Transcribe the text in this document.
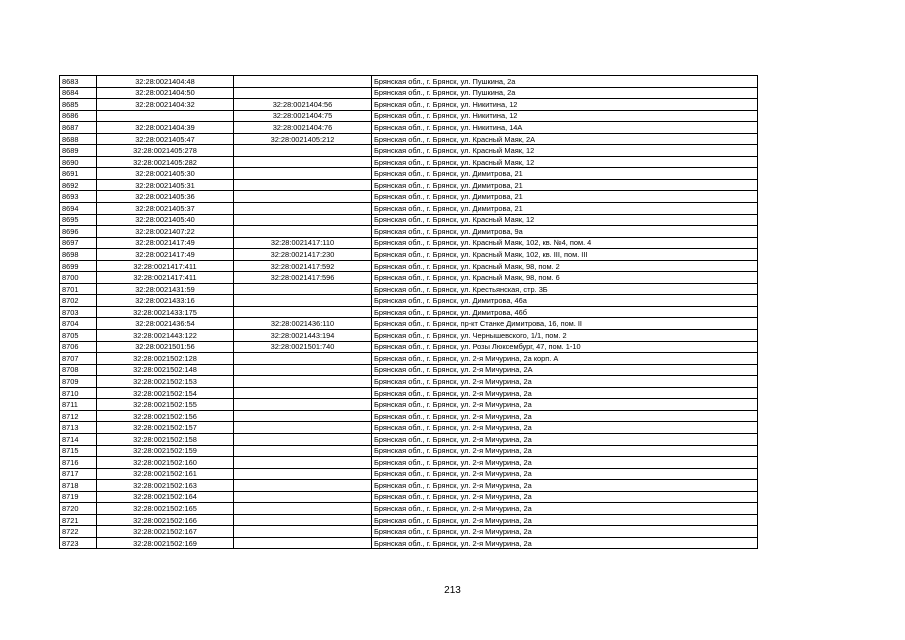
8683	32:28:0021404:48		Брянская обл., г. Брянск, ул. Пушкина, 2а
8684	32:28:0021404:50		Брянская обл., г. Брянск, ул. Пушкина, 2а
8685	32:28:0021404:32	32:28:0021404:56	Брянская обл., г. Брянск, ул. Никитина, 12
8686		32:28:0021404:75	Брянская обл., г. Брянск, ул. Никитина, 12
8687	32:28:0021404:39	32:28:0021404:76	Брянская обл., г. Брянск, ул. Никитина, 14А
8688	32:28:0021405:47	32:28:0021405:212	Брянская обл., г. Брянск, ул. Красный Маяк, 2А
8689	32:28:0021405:278		Брянская обл., г. Брянск, ул. Красный Маяк, 12
8690	32:28:0021405:282		Брянская обл., г. Брянск, ул. Красный Маяк, 12
8691	32:28:0021405:30		Брянская обл., г. Брянск, ул. Димитрова, 21
8692	32:28:0021405:31		Брянская обл., г. Брянск, ул. Димитрова, 21
8693	32:28:0021405:36		Брянская обл., г. Брянск, ул. Димитрова, 21
8694	32:28:0021405:37		Брянская обл., г. Брянск, ул. Димитрова, 21
8695	32:28:0021405:40		Брянская обл., г. Брянск, ул. Красный Маяк, 12
8696	32:28:0021407:22		Брянская обл., г. Брянск, ул. Димитрова, 9а
8697	32:28:0021417:49	32:28:0021417:110	Брянская обл., г. Брянск, ул. Красный Маяк, 102, кв. №4, пом. 4
8698	32:28:0021417:49	32:28:0021417:230	Брянская обл., г. Брянск, ул. Красный Маяк, 102, кв. III, пом. III
8699	32:28:0021417:411	32:28:0021417:592	Брянская обл., г. Брянск, ул. Красный Маяк, 98, пом. 2
8700	32:28:0021417:411	32:28:0021417:596	Брянская обл., г. Брянск, ул. Красный Маяк, 98, пом. 6
8701	32:28:0021431:59		Брянская обл., г. Брянск, ул. Крестьянская, стр. 3Б
8702	32:28:0021433:16		Брянская обл., г. Брянск, ул. Димитрова, 46а
8703	32:28:0021433:175		Брянская обл., г. Брянск, ул. Димитрова, 46б
8704	32:28:0021436:54	32:28:0021436:110	Брянская обл., г. Брянск, пр-кт Станке Димитрова, 16, пом. II
8705	32:28:0021443:122	32:28:0021443:194	Брянская обл., г. Брянск, ул. Чернышевского, 1/1, пом. 2
8706	32:28:0021501:56	32:28:0021501:740	Брянская обл., г. Брянск, ул. Розы Люксембург, 47, пом. 1-10
8707	32:28:0021502:128		Брянская обл., г. Брянск, ул. 2-я Мичурина, 2а корп. А
8708	32:28:0021502:148		Брянская обл., г. Брянск, ул. 2-я Мичурина, 2А
8709	32:28:0021502:153		Брянская обл., г. Брянск, ул. 2-я Мичурина, 2а
8710	32:28:0021502:154		Брянская обл., г. Брянск, ул. 2-я Мичурина, 2а
8711	32:28:0021502:155		Брянская обл., г. Брянск, ул. 2-я Мичурина, 2а
8712	32:28:0021502:156		Брянская обл., г. Брянск, ул. 2-я Мичурина, 2а
8713	32:28:0021502:157		Брянская обл., г. Брянск, ул. 2-я Мичурина, 2а
8714	32:28:0021502:158		Брянская обл., г. Брянск, ул. 2-я Мичурина, 2а
8715	32:28:0021502:159		Брянская обл., г. Брянск, ул. 2-я Мичурина, 2а
8716	32:28:0021502:160		Брянская обл., г. Брянск, ул. 2-я Мичурина, 2а
8717	32:28:0021502:161		Брянская обл., г. Брянск, ул. 2-я Мичурина, 2а
8718	32:28:0021502:163		Брянская обл., г. Брянск, ул. 2-я Мичурина, 2а
8719	32:28:0021502:164		Брянская обл., г. Брянск, ул. 2-я Мичурина, 2а
8720	32:28:0021502:165		Брянская обл., г. Брянск, ул. 2-я Мичурина, 2а
8721	32:28:0021502:166		Брянская обл., г. Брянск, ул. 2-я Мичурина, 2а
8722	32:28:0021502:167		Брянская обл., г. Брянск, ул. 2-я Мичурина, 2а
8723	32:28:0021502:169		Брянская обл., г. Брянск, ул. 2-я Мичурина, 2а
213
